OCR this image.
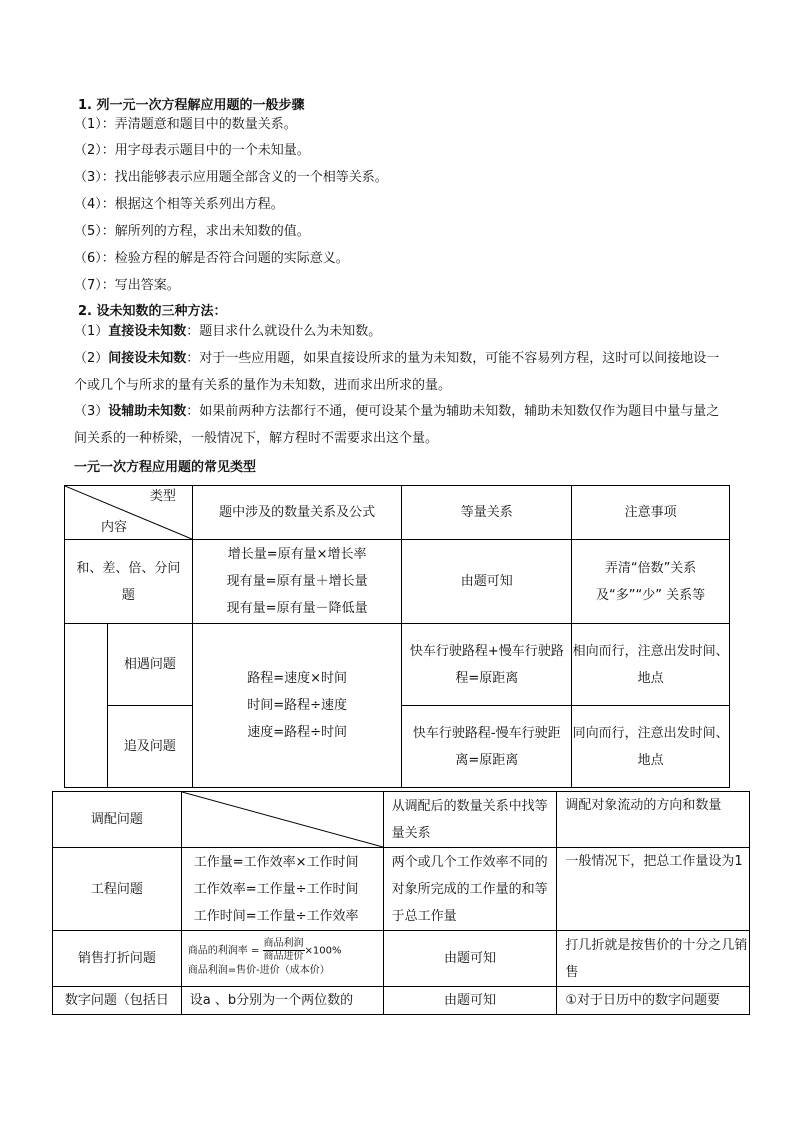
1. 列一元一次方程解应用题的一般步骤
（1）：弄清题意和题目中的数量关系。
（2）：用字母表示题目中的一个未知量。
（3）：找出能够表示应用题全部含义的一个相等关系。
（4）：根据这个相等关系列出方程。
（5）：解所列的方程，求出未知数的值。
（6）：检验方程的解是否符合问题的实际意义。
（7）：写出答案。
2. 设未知数的三种方法：
（1）直接设未知数：题目求什么就设什么为未知数。
（2）间接设未知数：对于一些应用题，如果直接设所求的量为未知数，可能不容易列方程，这时可以间接地设一个或几个与所求的量有关系的量作为未知数，进而求出所求的量。
（3）设辅助未知数：如果前两种方法都行不通，便可设某个量为辅助未知数，辅助未知数仅作为题目中量与量之间关系的一种桥梁，一般情况下，解方程时不需要求出这个量。
一元一次方程应用题的常见类型
类型
内容		题中涉及的数量关系及公式	等量关系	注意事项
和、差、倍、分问题		增长量=原有量×增长率
现有量=原有量＋增长量
现有量=原有量－降低量	由题可知	弄清“倍数”关系及“多”“少” 关系等
	相遇问题	路程=速度×时间
时间=路程÷速度
速度=路程÷时间	快车行驶路程+慢车行驶路程=原距离	相向而行，注意出发时间、
地点

	追及问题		快车行驶路程-慢车行驶距离=原距离	同向而行，注意出发时间、
地点
调配问题		从调配后的数量关系中找等量关系	调配对象流动的方向和数量
工程问题	工作量=工作效率×工作时间
工作效率=工作量÷工作时间
工作时间=工作量÷工作效率	两个或几个工作效率不同的对象所完成的工作量的和等于总工作量	一般情况下，把总工作量设为1
销售打折问题	商品的利润率 = $\frac{\text{商品利润}}{\text{商品进价}}\times 100\%$
商品利润=售价-进价（成本价）	由题可知	打几折就是按售价的十分之几销售
数字问题（包括日	设a 、b分别为一个两位数的	由题可知	①对于日历中的数字问题要
